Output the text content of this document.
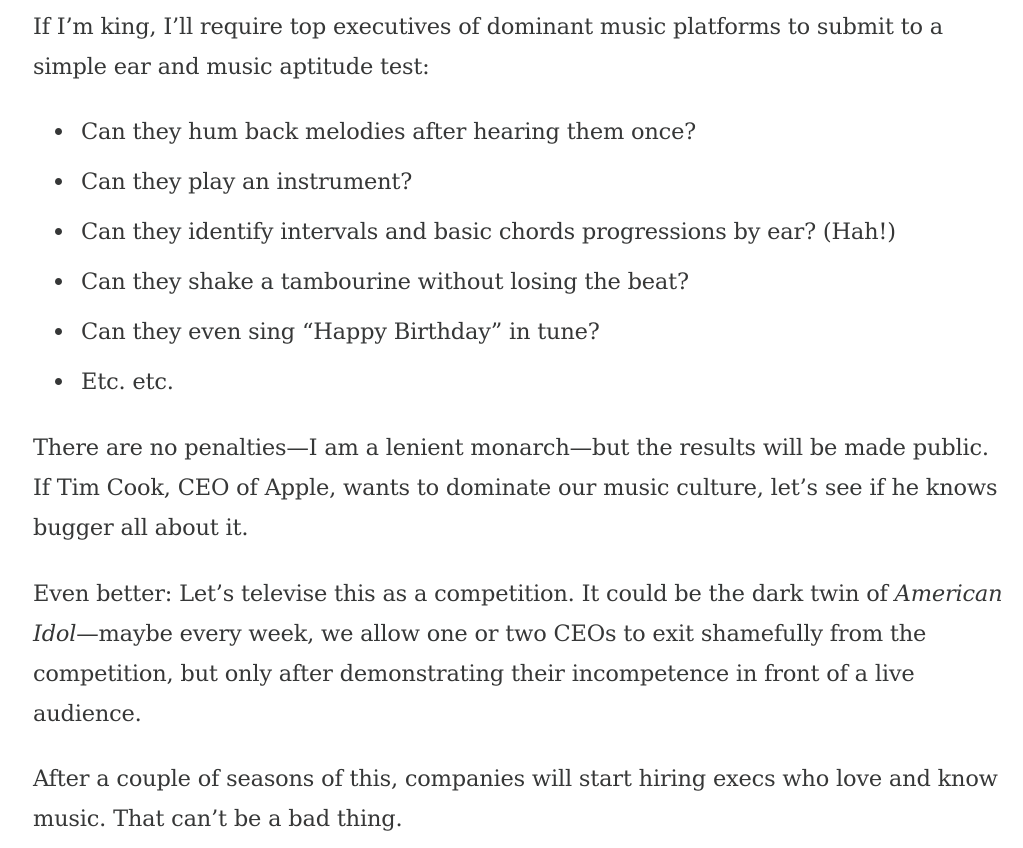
If I’m king, I’ll require top executives of dominant music platforms to submit to a simple ear and music aptitude test:

Can they hum back melodies after hearing them once?
Can they play an instrument?
Can they identify intervals and basic chords progressions by ear? (Hah!)
Can they shake a tambourine without losing the beat?
Can they even sing “Happy Birthday” in tune?
Etc. etc.

There are no penalties—I am a lenient monarch—but the results will be made public. If Tim Cook, CEO of Apple, wants to dominate our music culture, let’s see if he knows bugger all about it.

Even better: Let’s televise this as a competition. It could be the dark twin of American Idol—maybe every week, we allow one or two CEOs to exit shamefully from the competition, but only after demonstrating their incompetence in front of a live audience.

After a couple of seasons of this, companies will start hiring execs who love and know music. That can’t be a bad thing.
